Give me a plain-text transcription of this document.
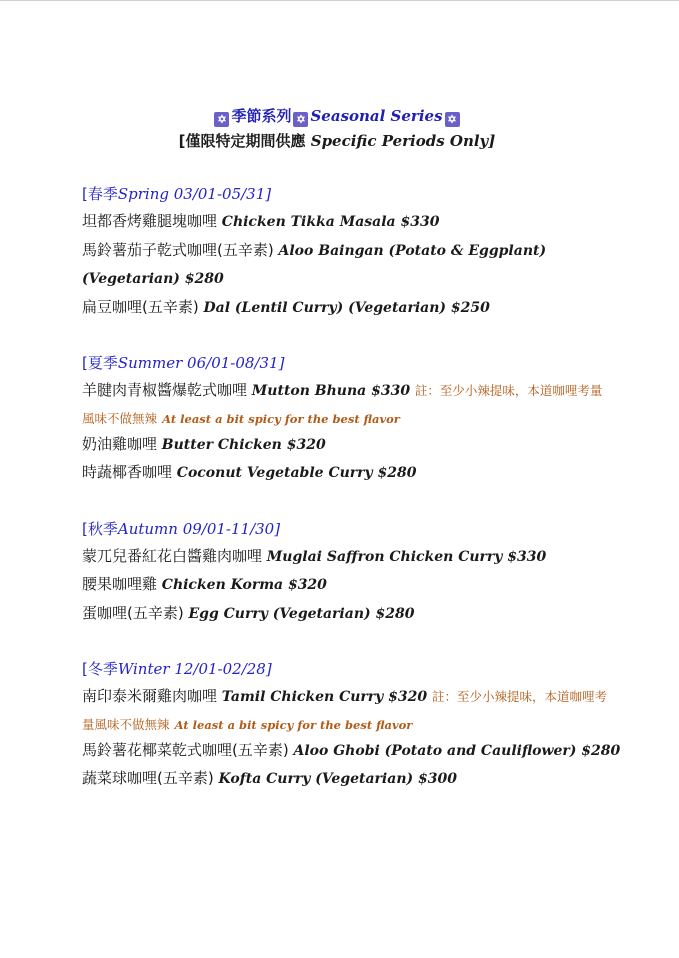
✡ 季節系列 ✡ Seasonal Series ✡
[僅限特定期間供應 Specific Periods Only]
[春季Spring 03/01-05/31]
坦都香烤雞腿塊咖哩 Chicken Tikka Masala $330
馬鈴薯茄子乾式咖哩(五辛素) Aloo Baingan (Potato & Eggplant) (Vegetarian) $280
扁豆咖哩(五辛素) Dal (Lentil Curry) (Vegetarian) $250
[夏季Summer 06/01-08/31]
羊腱肉青椒醬爆乾式咖哩 Mutton Bhuna $330 註：至少小辣提味，本道咖哩考量
風味不做無辣 At least a bit spicy for the best flavor
奶油雞咖哩 Butter Chicken $320
時蔬椰香咖哩 Coconut Vegetable Curry $280
[秋季Autumn 09/01-11/30]
蒙兀兒番紅花白醬雞肉咖哩 Muglai Saffron Chicken Curry $330
腰果咖哩雞 Chicken Korma $320
蛋咖哩(五辛素) Egg Curry (Vegetarian) $280
[冬季Winter 12/01-02/28]
南印泰米爾雞肉咖哩 Tamil Chicken Curry $320 註：至少小辣提味，本道咖哩考
量風味不做無辣 At least a bit spicy for the best flavor
馬鈴薯花椰菜乾式咖哩(五辛素) Aloo Ghobi (Potato and Cauliflower) $280
蔬菜球咖哩(五辛素) Kofta Curry (Vegetarian) $300
